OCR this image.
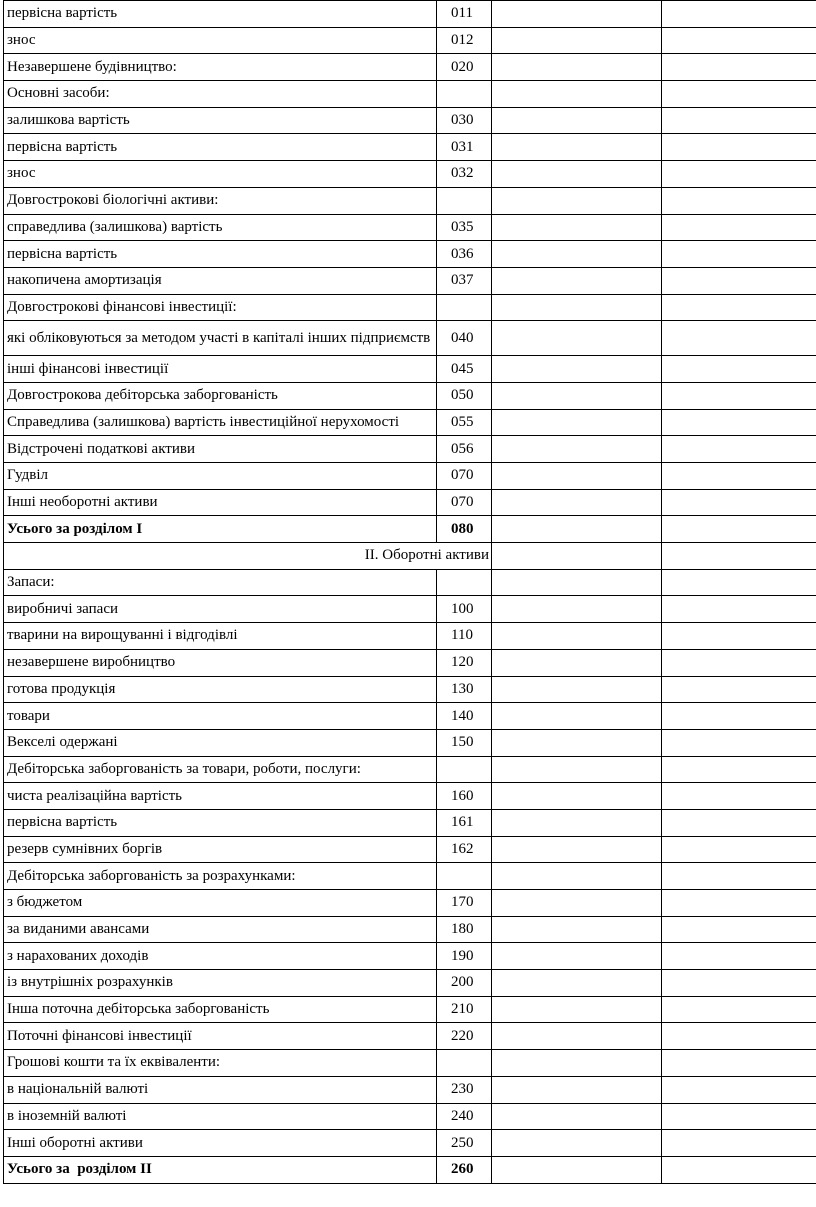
первісна вартість	011		
знос	012		
Незавершене будівництво:	020		
Основні засоби:			
залишкова вартість	030		
первісна вартість	031		
знос	032		
Довгострокові біологічні активи:			
справедлива (залишкова) вартість	035		
первісна вартість	036		
накопичена амортизація	037		
Довгострокові фінансові інвестиції:			
які обліковуються за методом участі в капіталі інших підприємств	040		
інші фінансові інвестиції	045		
Довгострокова дебіторська заборгованість	050		
Справедлива (залишкова) вартість інвестиційної нерухомості	055		
Відстрочені податкові активи	056		
Гудвіл	070		
Інші необоротні активи	070		
Усього за розділом I	080		
II. Оборотні активи			
Запаси:			
виробничі запаси	100		
тварини на вирощуванні і відгодівлі	110		
незавершене виробництво	120		
готова продукція	130		
товари	140		
Векселі одержані	150		
Дебіторська заборгованість за товари, роботи, послуги:			
чиста реалізаційна вартість	160		
первісна вартість	161		
резерв сумнівних боргів	162		
Дебіторська заборгованість за розрахунками:			
з бюджетом	170		
за виданими авансами	180		
з нарахованих доходів	190		
із внутрішніх розрахунків	200		
Інша поточна дебіторська заборгованість	210		
Поточні фінансові інвестиції	220		
Грошові кошти та їх еквіваленти:			
в національній валюті	230		
в іноземній валюті	240		
Інші оборотні активи	250		
Усього за  розділом II	260		
